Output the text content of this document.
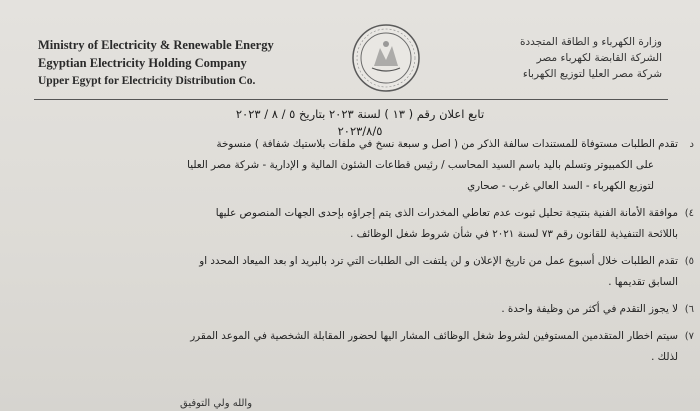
Ministry of Electricity & Renewable Energy
Egyptian Electricity Holding Company
Upper Egypt for Electricity Distribution Co.
وزارة الكهرباء و الطاقة المتجددة
الشركة القابضة لكهرباء مصر
شركة مصر العليا لتوزيع الكهرباء
تابع اعلان رقم ( ١٣ ) لسنة ٢٠٢٣ بتاريخ ٥ / ٨ / ٢٠٢٣
٢٠٢٣/٨/٥
د
تقدم الطلبات مستوفاة للمستندات سالفة الذكر من ( اصل و سبعة نسخ في ملفات بلاستيك شفافة ) منسوخة
على الكمبيوتر وتسلم باليد باسم السيد المحاسب / رئيس قطاعات الشئون المالية و الإدارية - شركة مصر العليا
لتوزيع الكهرباء - السد العالي غرب - صحاري
٤)
موافقة الأمانة الفنية بنتيجة تحليل ثبوت عدم تعاطي المخدرات الذى يتم إجراؤه بإحدى الجهات المنصوص عليها
باللائحة التنفيذية للقانون رقم ٧٣ لسنة ٢٠٢١ في شأن شروط شغل الوظائف .
٥)
تقدم الطلبات خلال أسبوع عمل من تاريخ الإعلان و لن يلتفت الى الطلبات التي ترد بالبريد او بعد الميعاد المحدد او
السابق تقديمها .
٦)
لا يجوز التقدم في أكثر من وظيفة واحدة .
٧)
سيتم اخطار المتقدمين المستوفين لشروط شغل الوظائف المشار اليها لحضور المقابلة الشخصية في الموعد المقرر
لذلك .
والله ولي التوفيق
